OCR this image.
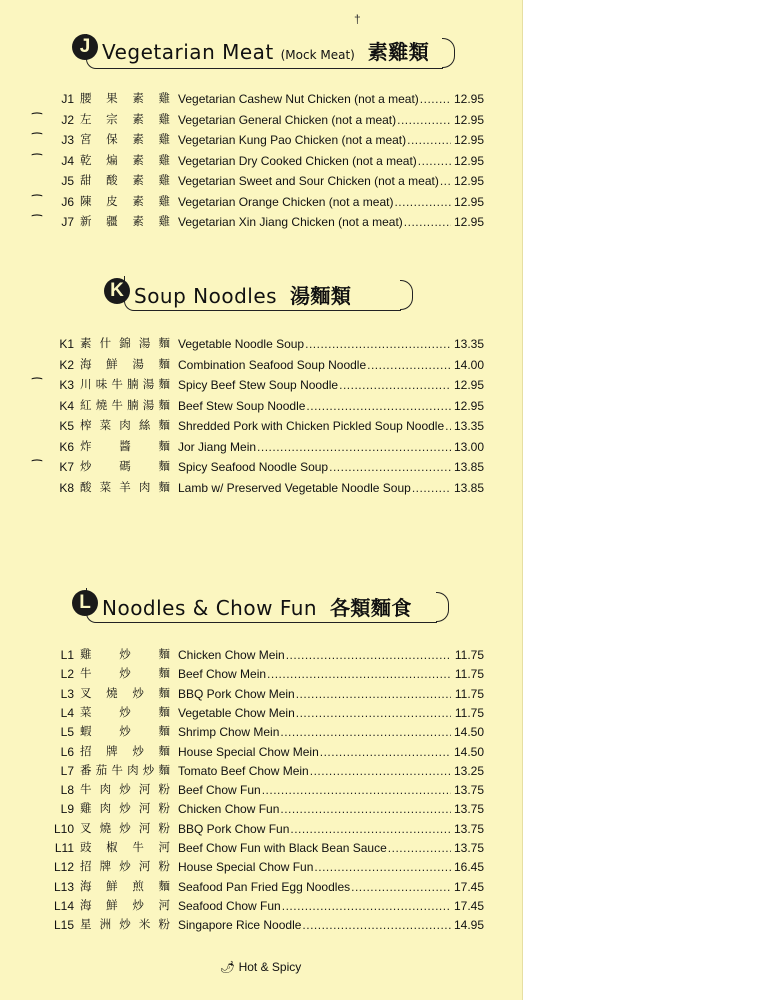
†
J Vegetarian Meat (Mock Meat) 素雞類
J1 腰 果 素 雞 Vegetarian Cashew Nut Chicken (not a meat) .....	12.95
⁀	J2 左 宗 素 雞 Vegetarian General Chicken (not a meat) .....	12.95
⁀	J3 宮 保 素 雞 Vegetarian Kung Pao Chicken (not a meat) .....	12.95
⁀	J4 乾 煸 素 雞 Vegetarian Dry Cooked Chicken (not a meat) .....	12.95
J5 甜 酸 素 雞 Vegetarian Sweet and Sour Chicken (not a meat) ..... 12.95
⁀	J6 陳 皮 素 雞 Vegetarian Orange Chicken (not a meat) .....	12.95
⁀	J7 新 疆 素 雞 Vegetarian Xin Jiang Chicken (not a meat) .....	12.95
K Soup Noodles 湯麵類
K1 素 什 錦 湯 麵 Vegetable Noodle Soup .....	13.35
K2 海 鮮 湯 麵 Combination Seafood Soup Noodle .....	14.00
⁀	K3 川 味 牛 腩 湯 麵 Spicy Beef Stew Soup Noodle .....	12.95
K4 紅 燒 牛 腩 湯 麵 Beef Stew Soup Noodle .....	12.95
K5 榨 菜 肉 絲 麵 Shredded Pork with Chicken Pickled Soup Noodle ..... 13.35
K6 炸 醬 麵 Jor Jiang Mein .....	13.00
⁀	K7 炒 碼 麵 Spicy Seafood Noodle Soup .....	13.85
K8 酸 菜 羊 肉 麵 Lamb w/ Preserved Vegetable Noodle Soup .....	13.85
L Noodles & Chow Fun 各類麵食
L1 雞 炒 麵 Chicken Chow Mein .....	11.75
L2 牛 炒 麵 Beef Chow Mein .....	11.75
L3 叉 燒 炒 麵 BBQ Pork Chow Mein .....	11.75
L4 菜 炒 麵 Vegetable Chow Mein .....	11.75
L5 蝦 炒 麵 Shrimp Chow Mein .....	14.50
L6 招 牌 炒 麵 House Special Chow Mein .....	14.50
L7 番 茄 牛 肉 炒 麵 Tomato Beef Chow Mein .....	13.25
L8 牛 肉 炒 河 粉 Beef Chow Fun .....	13.75
L9 雞 肉 炒 河 粉 Chicken Chow Fun .....	13.75
L10 叉 燒 炒 河 粉 BBQ Pork Chow Fun .....	13.75
L11 豉 椒 牛 河 Beef Chow Fun with Black Bean Sauce .....	13.75
L12 招 牌 炒 河 粉 House Special Chow Fun .....	16.45
L13 海 鮮 煎 麵 Seafood Pan Fried Egg Noodles .....	17.45
L14 海 鮮 炒 河 Seafood Chow Fun .....	17.45
L15 星 洲 炒 米 粉 Singapore Rice Noodle .....	14.95
🌶︎ Hot & Spicy
